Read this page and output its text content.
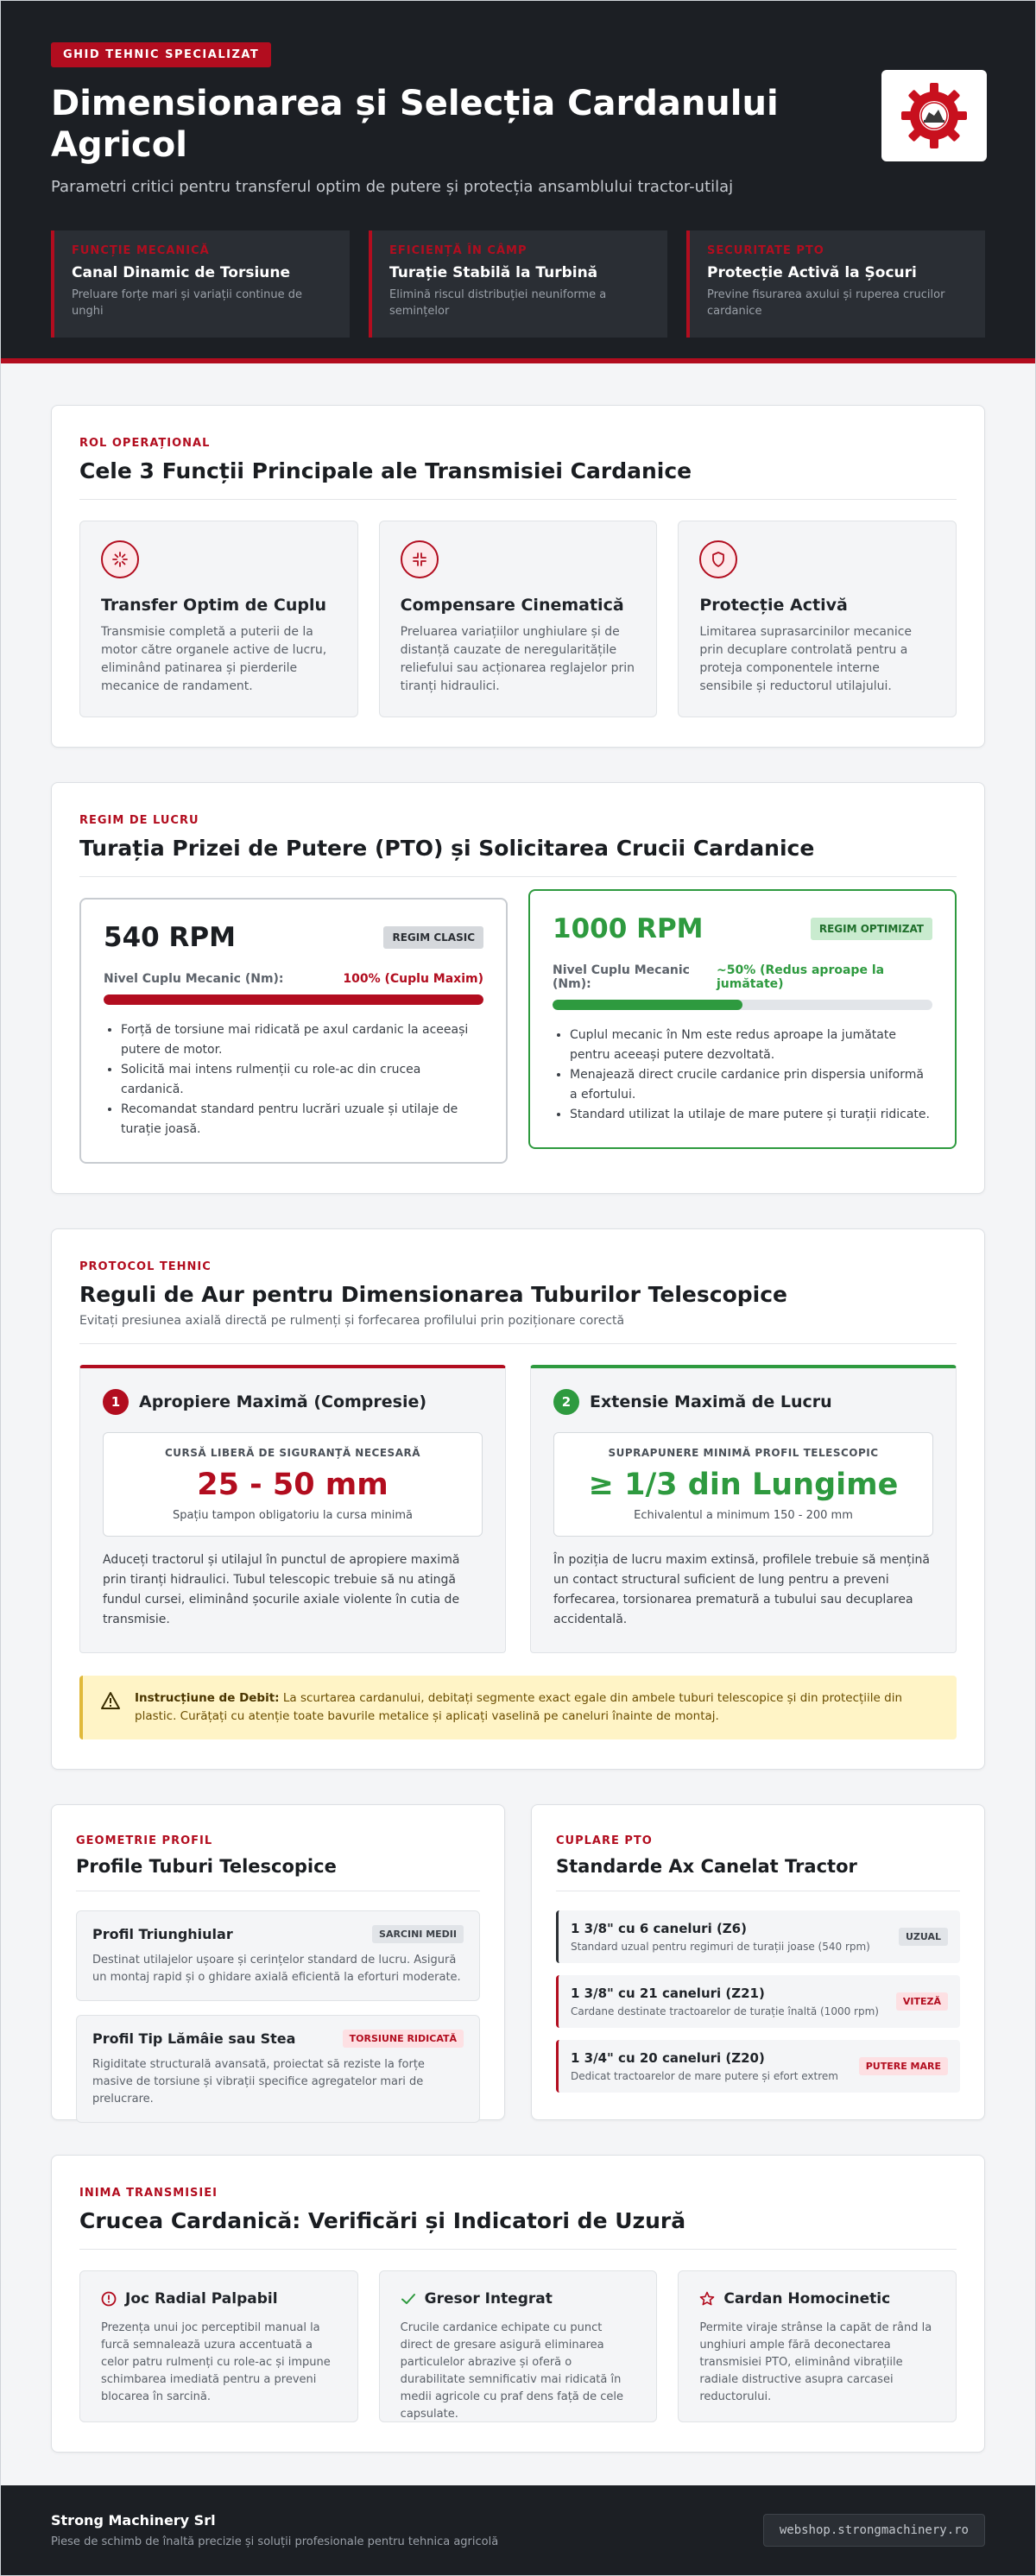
GHID TEHNIC SPECIALIZAT
Dimensionarea și Selecția Cardanului Agricol

Parametri critici pentru transferul optim de putere și protecția ansamblului tractor-utilaj

FUNCȚIE MECANICĂ
Canal Dinamic de Torsiune
Preluare forțe mari și variații continue de unghi
EFICIENȚĂ ÎN CÂMP
Turație Stabilă la Turbină
Elimină riscul distribuției neuniforme a semințelor
SECURITATE PTO
Protecție Activă la Șocuri
Previne fisurarea axului și ruperea crucilor cardanice
ROL OPERAȚIONAL
Cele 3 Funcții Principale ale Transmisiei Cardanice
Transfer Optim de Cuplu
Transmisie completă a puterii de la motor către organele active de lucru, eliminând patinarea și pierderile mecanice de randament.
Compensare Cinematică
Preluarea variațiilor unghiulare și de distanță cauzate de neregularitățile reliefului sau acționarea reglajelor prin tiranți hidraulici.
Protecție Activă
Limitarea suprasarcinilor mecanice prin decuplare controlată pentru a proteja componentele interne sensibile și reductorul utilajului.
REGIM DE LUCRU
Turația Prizei de Putere (PTO) și Solicitarea Crucii Cardanice
540 RPM	REGIM CLASIC
Nivel Cuplu Mecanic (Nm):	100% (Cuplu Maxim)
• Forță de torsiune mai ridicată pe axul cardanic la aceeași putere de motor.
• Solicită mai intens rulmenții cu role-ac din crucea cardanică.
• Recomandat standard pentru lucrări uzuale și utilaje de turație joasă.
1000 RPM	REGIM OPTIMIZAT
Nivel Cuplu Mecanic (Nm):
~50% (Redus aproape la jumătate)
• Cuplul mecanic în Nm este redus aproape la jumătate pentru aceeași putere dezvoltată.
• Menajează direct crucile cardanice prin dispersia uniformă a efortului.
• Standard utilizat la utilaje de mare putere și turații ridicate.
PROTOCOL TEHNIC
Reguli de Aur pentru Dimensionarea Tuburilor Telescopice

Evitați presiunea axială directă pe rulmenți și forfecarea profilului prin poziționare corectă

1	Apropiere Maximă (Compresie)
CURSĂ LIBERĂ DE SIGURANȚĂ NECESARĂ
25 - 50 mm
Spațiu tampon obligatoriu la cursa minimă

Aduceți tractorul și utilajul în punctul de apropiere maximă prin tiranți hidraulici. Tubul telescopic trebuie să nu atingă fundul cursei, eliminând șocurile axiale violente în cutia de transmisie.

2	Extensie Maximă de Lucru
SUPRAPUNERE MINIMĂ PROFIL TELESCOPIC
≥ 1/3 din Lungime
Echivalentul a minimum 150 - 200 mm

În poziția de lucru maxim extinsă, profilele trebuie să mențină un contact structural suficient de lung pentru a preveni forfecarea, torsionarea prematură a tubului sau decuplarea accidentală.

Instrucțiune de Debit: La scurtarea cardanului, debitați segmente exact egale din ambele tuburi telescopice și din protecțiile din plastic. Curățați cu atenție toate bavurile metalice și aplicați vaselină pe caneluri înainte de montaj.

GEOMETRIE PROFIL
Profile Tuburi Telescopice
Profil Triunghiular	SARCINI MEDII

Destinat utilajelor ușoare și cerințelor standard de lucru. Asigură un montaj rapid și o ghidare axială eficientă la eforturi moderate.

Profil Tip Lămâie sau Stea	TORSIUNE RIDICATĂ

Rigiditate structurală avansată, proiectat să reziste la forțe masive de torsiune și vibrații specifice agregatelor mari de prelucrare.

CUPLARE PTO
Standarde Ax Canelat Tractor
1 3/8" cu 6 caneluri (Z6)
Standard uzual pentru regimuri de turații joase (540 rpm)
UZUAL
1 3/8" cu 21 caneluri (Z21)
Cardane destinate tractoarelor de turație înaltă (1000 rpm)
VITEZĂ
1 3/4" cu 20 caneluri (Z20)
Dedicat tractoarelor de mare putere și efort extrem
PUTERE MARE
INIMA TRANSMISIEI
Crucea Cardanică: Verificări și Indicatori de Uzură
Joc Radial Palpabil

Prezența unui joc perceptibil manual la furcă semnalează uzura accentuată a celor patru rulmenți cu role-ac și impune schimbarea imediată pentru a preveni blocarea în sarcină.

Gresor Integrat

Crucile cardanice echipate cu punct direct de gresare asigură eliminarea particulelor abrazive și oferă o durabilitate semnificativ mai ridicată în medii agricole cu praf dens față de cele capsulate.

Cardan Homocinetic

Permite viraje strânse la capăt de rând la unghiuri ample fără deconectarea transmisiei PTO, eliminând vibrațiile radiale distructive asupra carcasei reductorului.

Strong Machinery Srl
Piese de schimb de înaltă precizie și soluții profesionale pentru tehnica agricolă
webshop.strongmachinery.ro
